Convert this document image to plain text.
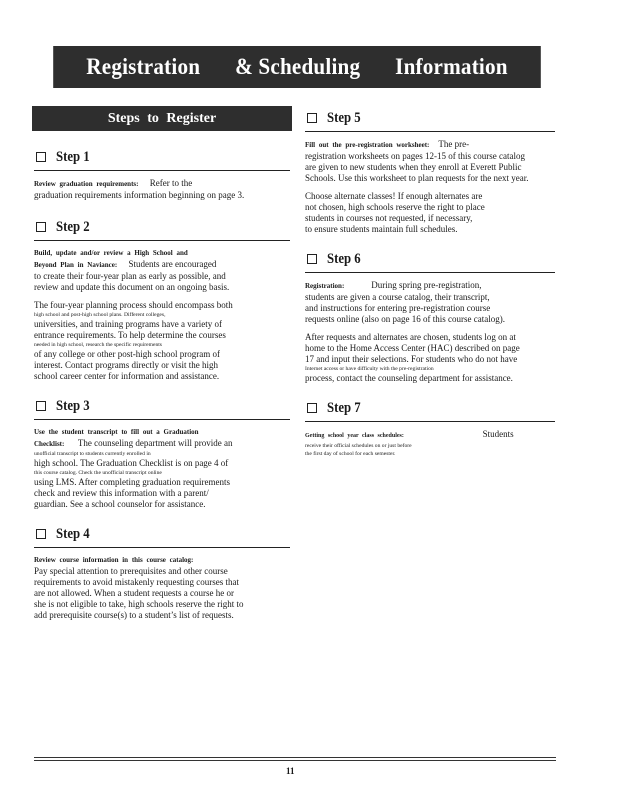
Registration & Scheduling Information
Steps to Register
Step 1
Review graduation requirements: Refer to the
graduation requirements information beginning on page 3.
Step 2
Build, update and/or review a High School and
Beyond Plan in Naviance: Students are encouraged
to create their four-year plan as early as possible, and
review and update this document on an ongoing basis.
The four-year planning process should encompass both
high school and post-high school plans. Different colleges,
universities, and training programs have a variety of
entrance requirements. To help determine the courses
needed in high school, research the specific requirements
of any college or other post-high school program of
interest. Contact programs directly or visit the high
school career center for information and assistance.
Step 3
Use the student transcript to fill out a Graduation
Checklist: The counseling department will provide an
unofficial transcript to students currently enrolled in
high school. The Graduation Checklist is on page 4 of
this course catalog. Check the unofficial transcript online
using LMS. After completing graduation requirements
check and review this information with a parent/
guardian. See a school counselor for assistance.
Step 4
Review course information in this course catalog:
Pay special attention to prerequisites and other course
requirements to avoid mistakenly requesting courses that
are not allowed. When a student requests a course he or
she is not eligible to take, high schools reserve the right to
add prerequisite course(s) to a student’s list of requests.
Step 5
Fill out the pre-registration worksheet: The pre-
registration worksheets on pages 12-15 of this course catalog
are given to new students when they enroll at Everett Public
Schools. Use this worksheet to plan requests for the next year.
Choose alternate classes! If enough alternates are
not chosen, high schools reserve the right to place
students in courses not requested, if necessary,
to ensure students maintain full schedules.
Step 6
Registration:	During spring pre-registration,
students are given a course catalog, their transcript,
and instructions for entering pre-registration course
requests online (also on page 16 of this course catalog).
After requests and alternates are chosen, students log on at
home to the Home Access Center (HAC) described on page
17 and input their selections. For students who do not have
Internet access or have difficulty with the pre-registration
process, contact the counseling department for assistance.
Step 7
Getting school year class schedules:	Students
receive their official schedules on or just before
the first day of school for each semester.
11
